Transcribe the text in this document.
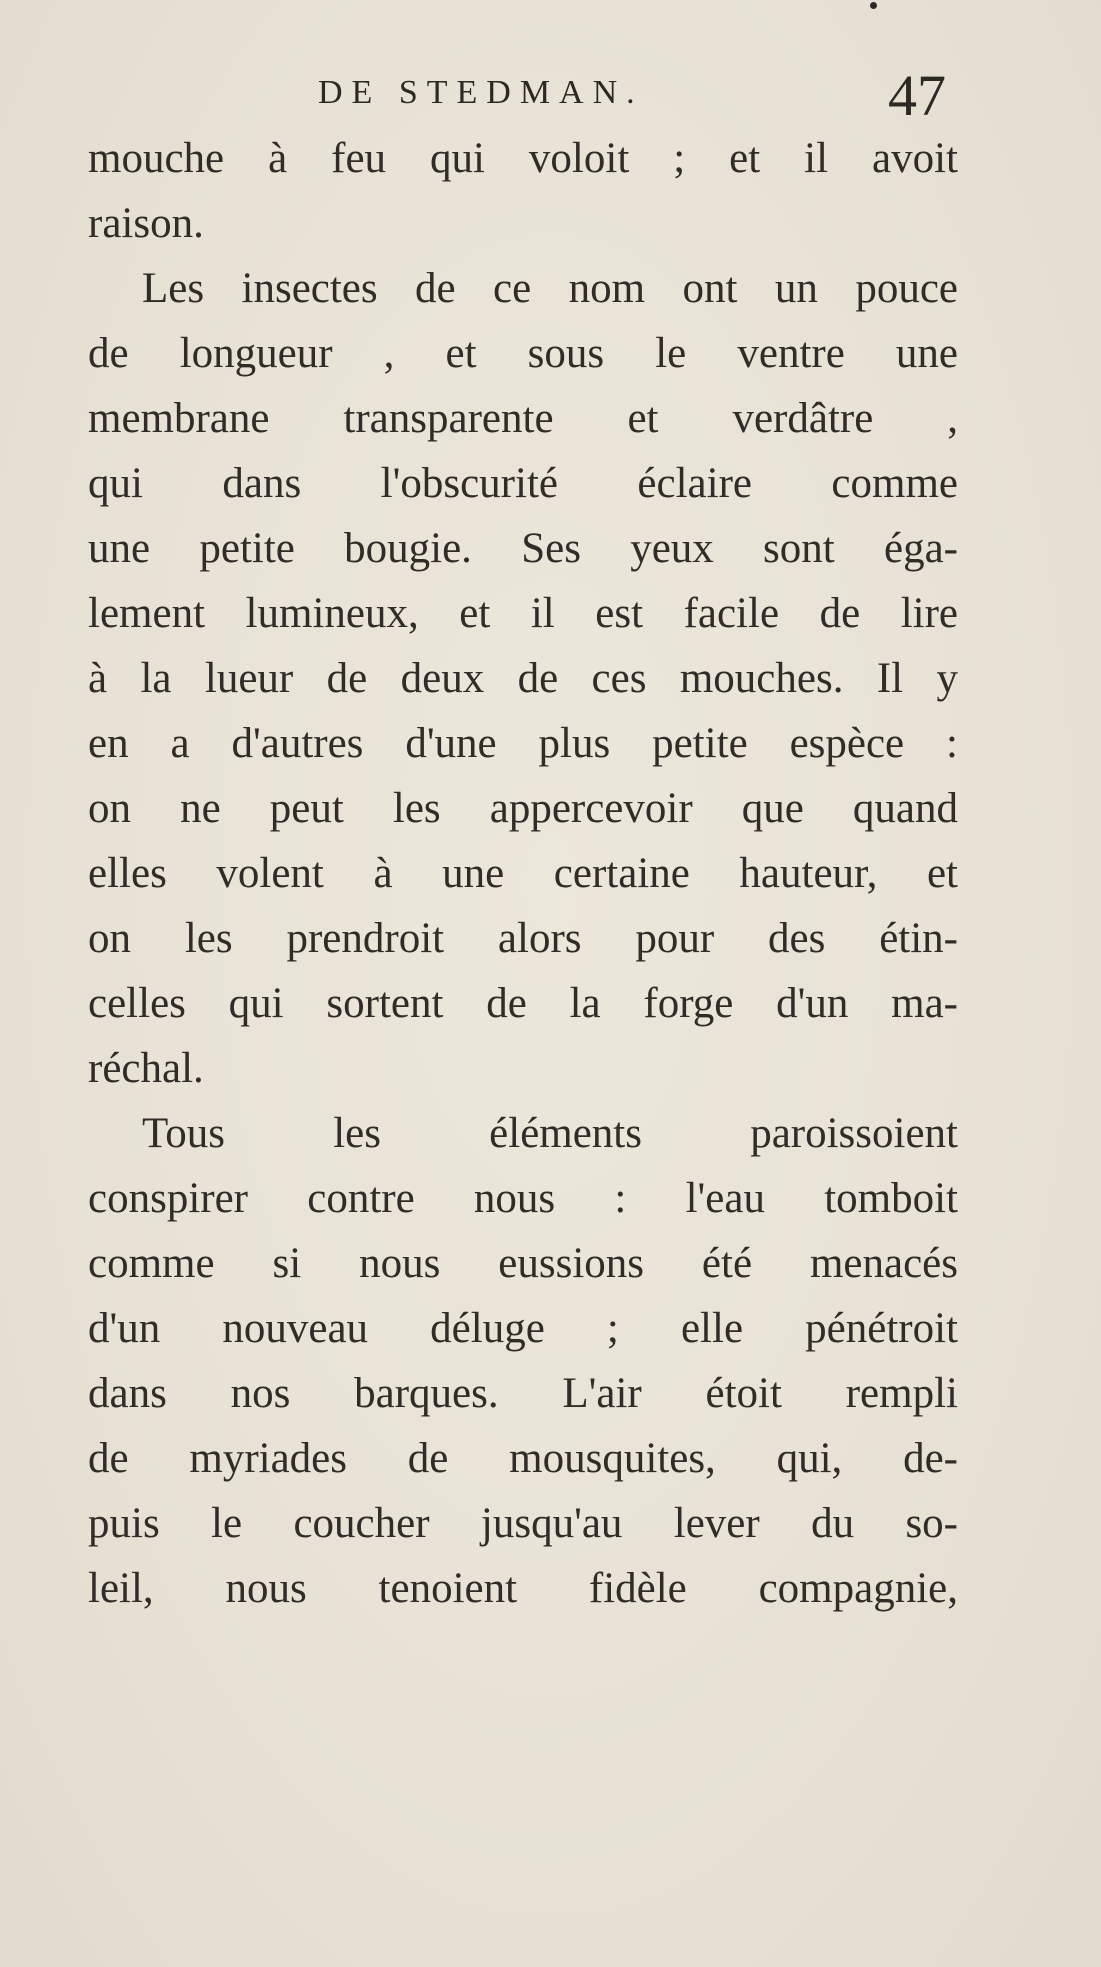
DE STEDMAN.	47
mouche à feu qui voloit ; et il avoit
raison.
Les insectes de ce nom ont un pouce
de longueur , et sous le ventre une
membrane transparente et verdâtre ,
qui dans l'obscurité éclaire comme
une petite bougie. Ses yeux sont éga-
lement lumineux, et il est facile de lire
à la lueur de deux de ces mouches. Il y
en a d'autres d'une plus petite espèce :
on ne peut les appercevoir que quand
elles volent à une certaine hauteur, et
on les prendroit alors pour des étin-
celles qui sortent de la forge d'un ma-
réchal.
Tous les éléments paroissoient
conspirer contre nous : l'eau tomboit
comme si nous eussions été menacés
d'un nouveau déluge ; elle pénétroit
dans nos barques. L'air étoit rempli
de myriades de mousquites, qui, de-
puis le coucher jusqu'au lever du so-
leil, nous tenoient fidèle compagnie,
